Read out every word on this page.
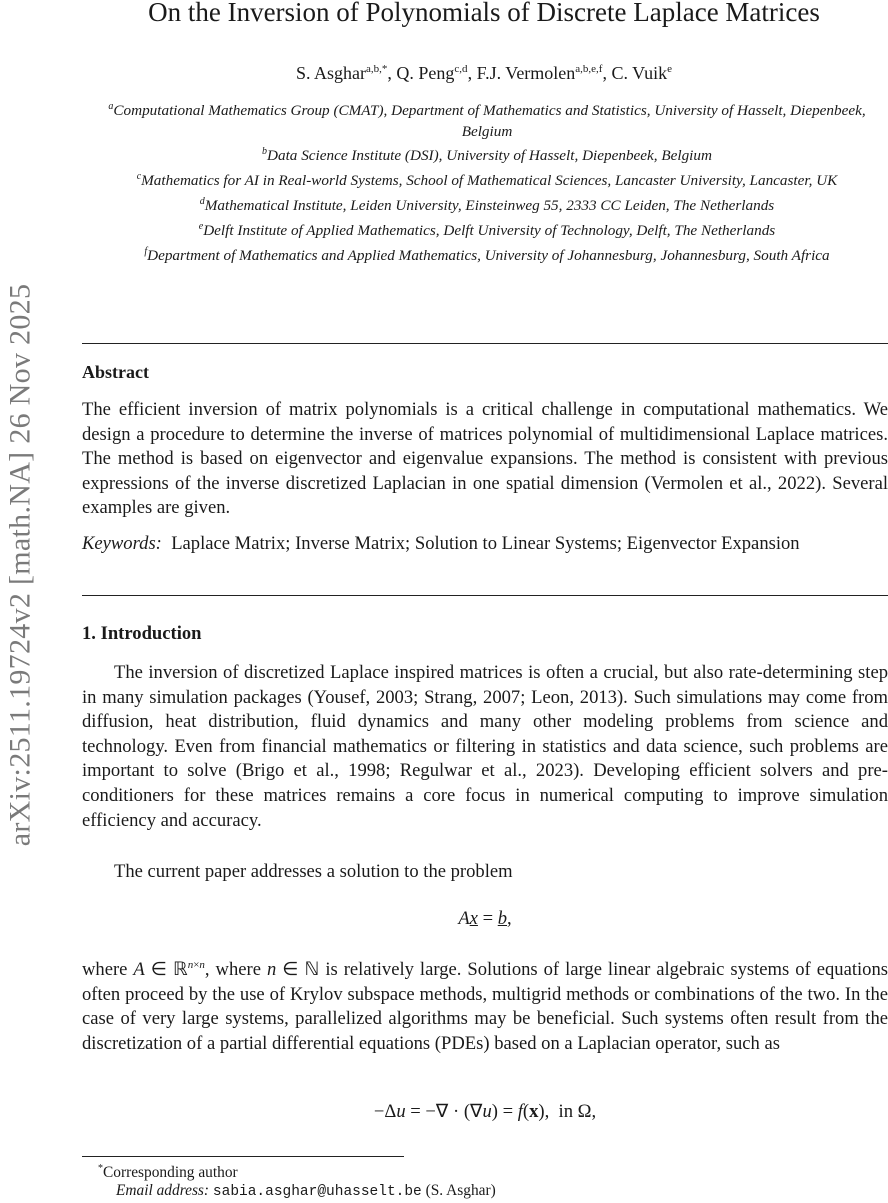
arXiv:2511.19724v2 [math.NA] 26 Nov 2025
On the Inversion of Polynomials of Discrete Laplace Matrices
S. Asghar$^{a,b,*}$, Q. Peng$^{c,d}$, F.J. Vermolen$^{a,b,e,f}$, C. Vuik$^e$
$^a$Computational Mathematics Group (CMAT), Department of Mathematics and Statistics, University of Hasselt, Diepenbeek, Belgium
$^b$Data Science Institute (DSI), University of Hasselt, Diepenbeek, Belgium
$^c$Mathematics for AI in Real-world Systems, School of Mathematical Sciences, Lancaster University, Lancaster, UK
$^d$Mathematical Institute, Leiden University, Einsteinweg 55, 2333 CC Leiden, The Netherlands
$^e$Delft Institute of Applied Mathematics, Delft University of Technology, Delft, The Netherlands
$^f$Department of Mathematics and Applied Mathematics, University of Johannesburg, Johannesburg, South Africa
Abstract
The efficient inversion of matrix polynomials is a critical challenge in computational mathematics. We design a procedure to determine the inverse of matrices polynomial of multidimensional Laplace matrices. The method is based on eigenvector and eigenvalue expansions. The method is consistent with previous expressions of the inverse discretized Laplacian in one spatial dimension (Vermolen et al., 2022). Several examples are given.
Keywords: Laplace Matrix; Inverse Matrix; Solution to Linear Systems; Eigenvector Expansion
1. Introduction
The inversion of discretized Laplace inspired matrices is often a crucial, but also rate-determining step in many simulation packages (Yousef, 2003; Strang, 2007; Leon, 2013). Such simulations may come from diffusion, heat distribution, fluid dynamics and many other modeling problems from science and technology. Even from financial mathematics or filtering in statistics and data science, such problems are important to solve (Brigo et al., 1998; Regulwar et al., 2023). Developing efficient solvers and pre-conditioners for these matrices remains a core focus in numerical computing to improve simulation efficiency and accuracy.
The current paper addresses a solution to the problem
Ax = b,
where A ∈ ℝ$^{n\times n}$, where n ∈ ℕ is relatively large. Solutions of large linear algebraic systems of equations often proceed by the use of Krylov subspace methods, multigrid methods or combinations of the two. In the case of very large systems, parallelized algorithms may be beneficial. Such systems often result from the discretization of a partial differential equations (PDEs) based on a Laplacian operator, such as
−Δu = −∇ · (∇u) = f(x),  in Ω,
*Corresponding author
Email address: sabia.asghar@uhasselt.be (S. Asghar)
